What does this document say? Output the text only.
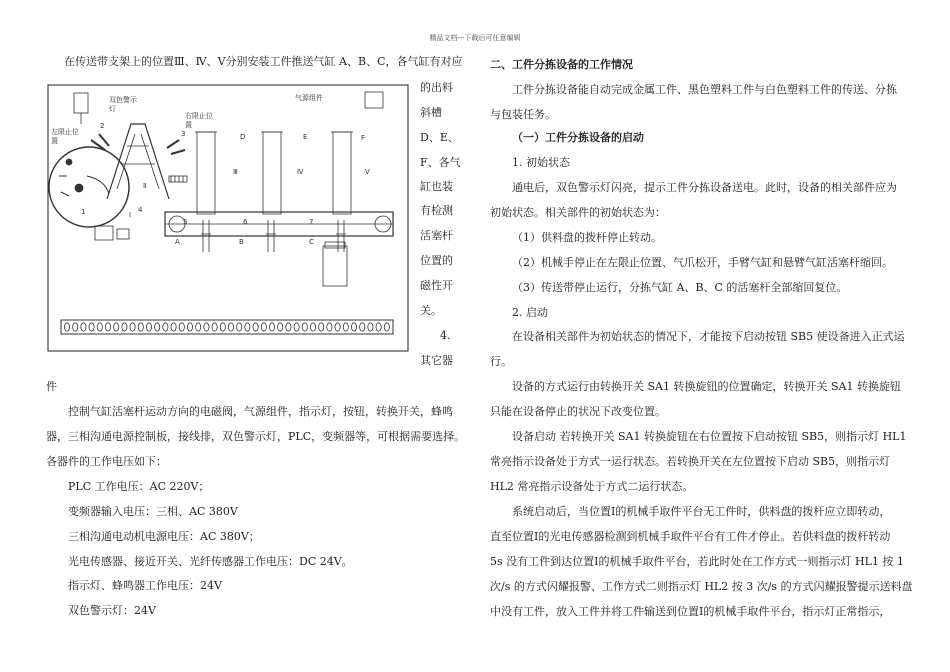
精品文档---下载后可任意编辑
在传送带支架上的位置Ⅲ、Ⅳ、Ⅴ分别安装工件推送气缸 A、B、C，各气缸有对应
双色警示
灯
右限止位
置
左限止位
置
2
3
4
1
气源组件
D	E	F
Ⅲ	Ⅳ	Ⅴ
Ⅱ
Ⅰ
5	6	7
A	B	C
的出料
斜槽
D、E、
F、各气
缸也装
有检测
活塞杆
位置的
磁性开
关。
4.
其它器
件
控制气缸活塞杆运动方向的电磁阀，气源组件，指示灯，按钮，转换开关，蜂鸣
器，三相沟通电源控制板，接线排，双色警示灯，PLC，变频器等，可根据需要选择。
各器件的工作电压如下：
PLC 工作电压：AC 220V；
变频器输入电压：三相、AC 380V
三相沟通电动机电源电压：AC 380V；
光电传感器、接近开关、光纤传感器工作电压：DC 24V。
指示灯、蜂鸣器工作电压：24V
双色警示灯：24V
二、工件分拣设备的工作情况
工件分拣设备能自动完成金属工件、黑色塑料工件与白色塑料工件的传送、分拣
与包装任务。
（一）工件分拣设备的启动
1. 初始状态
通电后，双色警示灯闪亮，提示工件分拣设备送电。此时，设备的相关部件应为
初始状态。相关部件的初始状态为：
（1）供料盘的拨杆停止转动。
（2）机械手停止在左限止位置、气爪松开，手臂气缸和悬臂气缸活塞杆缩回。
（3）传送带停止运行，分拣气缸 A、B、C 的活塞杆全部缩回复位。
2. 启动
在设备相关部件为初始状态的情况下，才能按下启动按钮 SB5 使设备进入正式运
行。
设备的方式运行由转换开关 SA1 转换旋钮的位置确定，转换开关 SA1 转换旋钮
只能在设备停止的状况下改变位置。
设备启动 若转换开关 SA1 转换旋钮在右位置按下启动按钮 SB5，则指示灯 HL1
常亮指示设备处于方式一运行状态。若转换开关在左位置按下启动 SB5，则指示灯
HL2 常亮指示设备处于方式二运行状态。
系统启动后，当位置Ⅰ的机械手取件平台无工件时，供料盘的拨杆应立即转动，
直至位置Ⅰ的光电传感器检测到机械手取件平台有工件才停止。若供料盘的拨杆转动
5s 没有工件到达位置Ⅰ的机械手取件平台，若此时处在工作方式一则指示灯 HL1 按 1
次/s 的方式闪耀报警、工作方式二则指示灯 HL2 按 3 次/s 的方式闪耀报警提示送料盘
中没有工件，放入工件并将工件输送到位置Ⅰ的机械手取件平台，指示灯正常指示，
